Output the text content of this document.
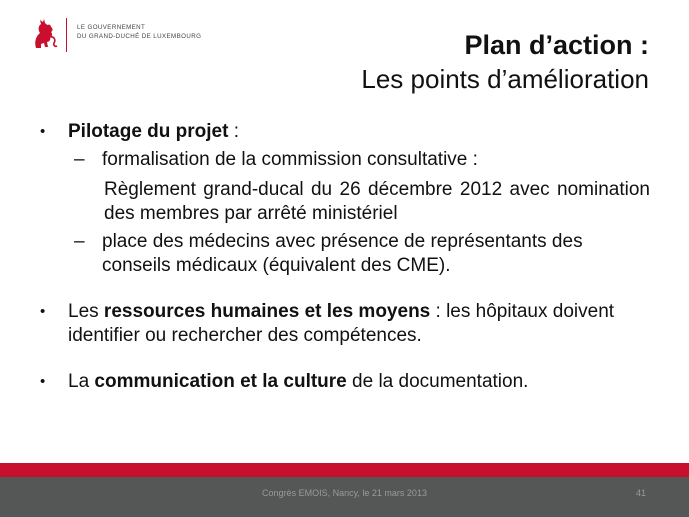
LE GOUVERNEMENT
DU GRAND-DUCHÉ DE LUXEMBOURG	Plan d’action :
Les points d’amélioration
•	Pilotage du projet :
– formalisation de la commission consultative :
Règlement grand-ducal du 26 décembre 2012 avec nomination des membres par arrêté ministériel
– place des médecins avec présence de représentants des conseils médicaux (équivalent des CME).
•	Les ressources humaines et les moyens : les hôpitaux doivent identifier ou rechercher des compétences.
•	La communication et la culture de la documentation.
Congrès EMOIS, Nancy, le 21 mars 2013	41
